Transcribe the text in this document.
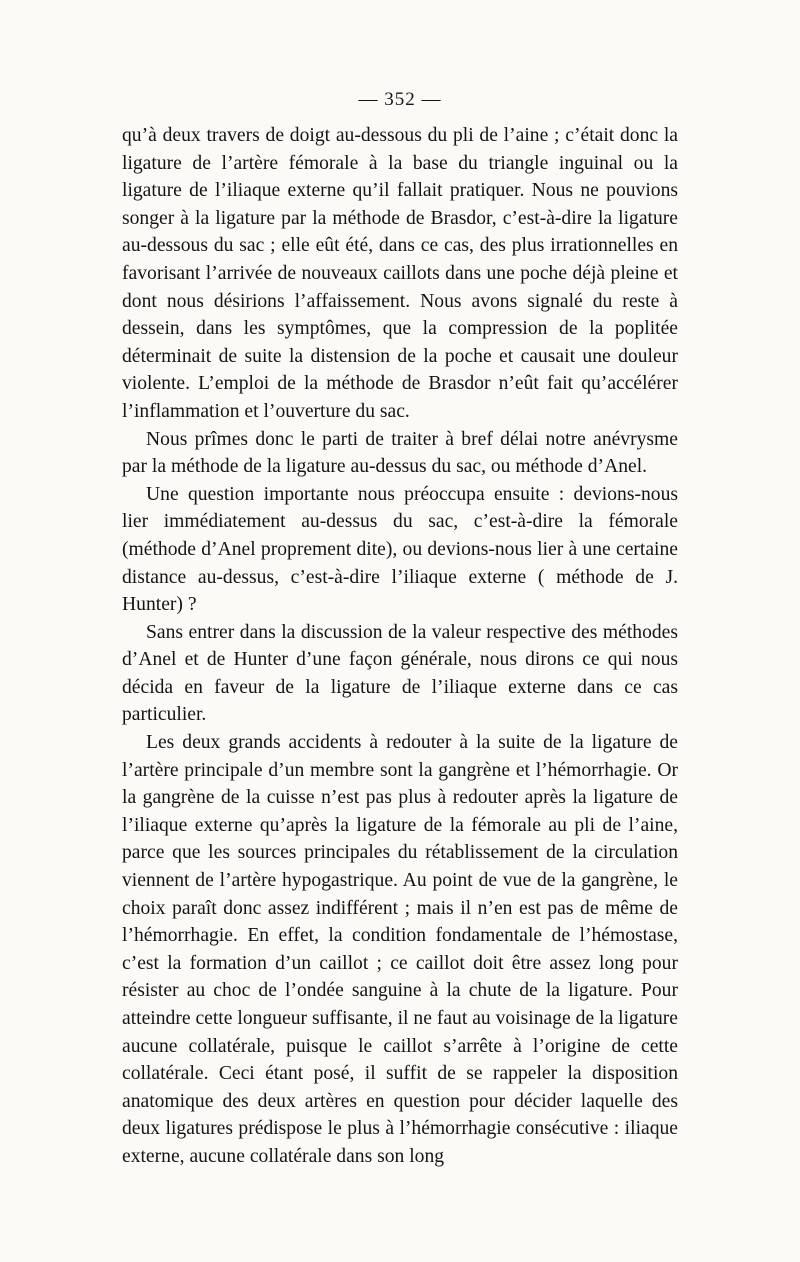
— 352 —

qu’à deux travers de doigt au-dessous du pli de l’aine ; c’était donc la ligature de l’artère fémorale à la base du triangle inguinal ou la ligature de l’iliaque externe qu’il fallait pratiquer. Nous ne pouvions songer à la ligature par la méthode de Brasdor, c’est-à-dire la ligature au-dessous du sac ; elle eût été, dans ce cas, des plus irrationnelles en favorisant l’arrivée de nouveaux caillots dans une poche déjà pleine et dont nous désirions l’affaissement. Nous avons signalé du reste à dessein, dans les symptômes, que la compression de la poplitée déterminait de suite la distension de la poche et causait une douleur violente. L’emploi de la méthode de Brasdor n’eût fait qu’accélérer l’inflammation et l’ouverture du sac.

Nous prîmes donc le parti de traiter à bref délai notre anévrysme par la méthode de la ligature au-dessus du sac, ou méthode d’Anel.

Une question importante nous préoccupa ensuite : devions-nous lier immédiatement au-dessus du sac, c’est-à-dire la fémorale (méthode d’Anel proprement dite), ou devions-nous lier à une certaine distance au-dessus, c’est-à-dire l’iliaque externe ( méthode de J. Hunter) ?

Sans entrer dans la discussion de la valeur respective des méthodes d’Anel et de Hunter d’une façon générale, nous dirons ce qui nous décida en faveur de la ligature de l’iliaque externe dans ce cas particulier.

Les deux grands accidents à redouter à la suite de la ligature de l’artère principale d’un membre sont la gangrène et l’hémorrhagie. Or la gangrène de la cuisse n’est pas plus à redouter après la ligature de l’iliaque externe qu’après la ligature de la fémorale au pli de l’aine, parce que les sources principales du rétablissement de la circulation viennent de l’artère hypogastrique. Au point de vue de la gangrène, le choix paraît donc assez indifférent ; mais il n’en est pas de même de l’hémorrhagie. En effet, la condition fondamentale de l’hémostase, c’est la formation d’un caillot ; ce caillot doit être assez long pour résister au choc de l’ondée sanguine à la chute de la ligature. Pour atteindre cette longueur suffisante, il ne faut au voisinage de la ligature aucune collatérale, puisque le caillot s’arrête à l’origine de cette collatérale. Ceci étant posé, il suffit de se rappeler la disposition anatomique des deux artères en question pour décider laquelle des deux ligatures prédispose le plus à l’hémorrhagie consécutive : iliaque externe, aucune collatérale dans son long
